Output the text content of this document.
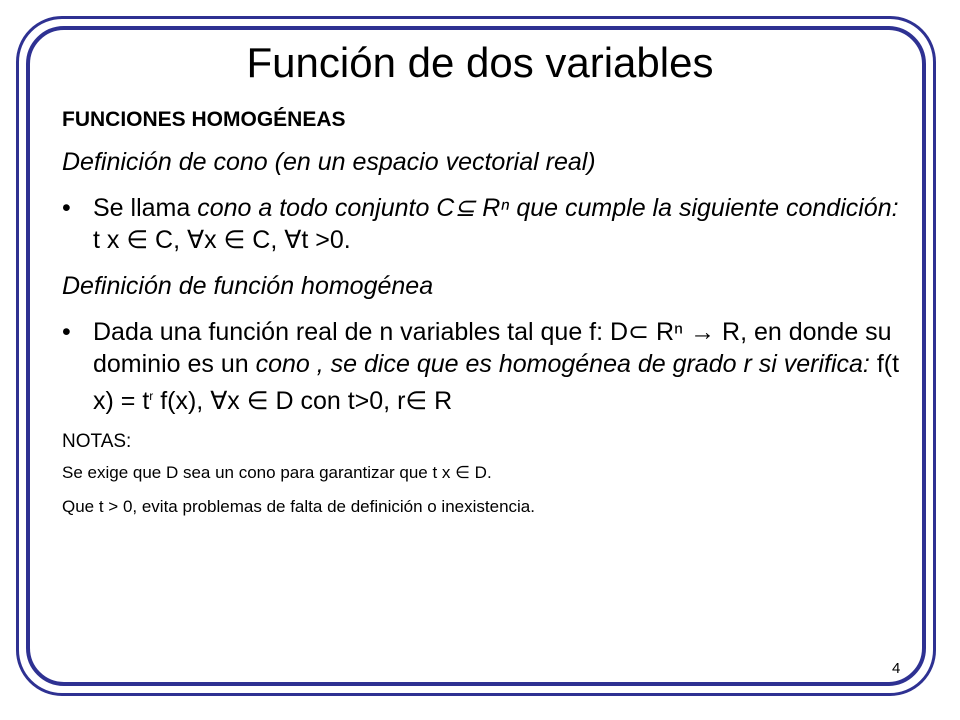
Función de dos variables
FUNCIONES HOMOGÉNEAS
Definición de cono (en un espacio vectorial real)
• Se llama cono a todo conjunto C⊆ Rⁿ que cumple la siguiente condición: t x ∈ C, ∀x ∈ C, ∀t >0.
Definición de función homogénea
• Dada una función real de n variables tal que f: D⊂ Rⁿ → R, en donde su dominio es un cono , se dice que es homogénea de grado r si verifica: f(t $x) = t^r$ f(x), ∀x ∈ D con t>0, r∈ R
NOTAS:
Se exige que D sea un cono para garantizar que t x ∈ D.
Que t > 0, evita problemas de falta de definición o inexistencia.
4
